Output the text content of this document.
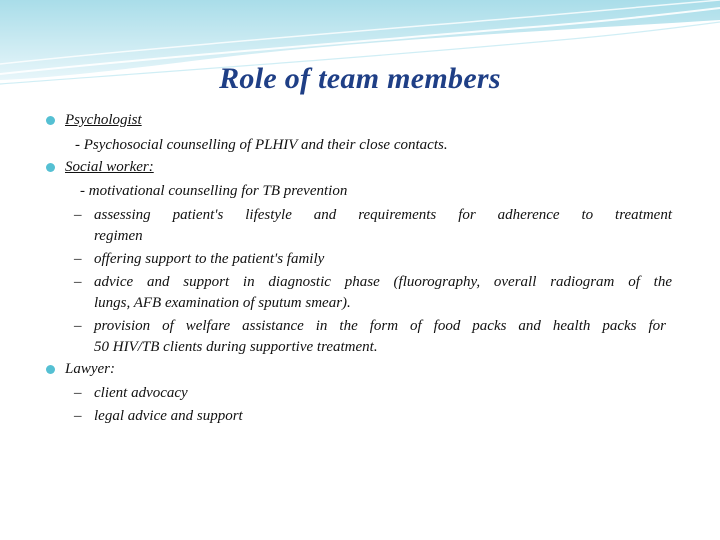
Role of team members
Psychologist
- Psychosocial counselling of PLHIV and their close contacts.
Social worker:
- motivational counselling for TB prevention
– assessing patient's lifestyle and requirements for adherence to treatment
regimen
– offering support to the patient's family
– advice and support in diagnostic phase (fluorography, overall radiogram of the
lungs, AFB examination of sputum smear).
– provision of welfare assistance in the form of food packs and health packs for
50 HIV/TB clients during supportive treatment.
Lawyer:
– client advocacy
– legal advice and support
